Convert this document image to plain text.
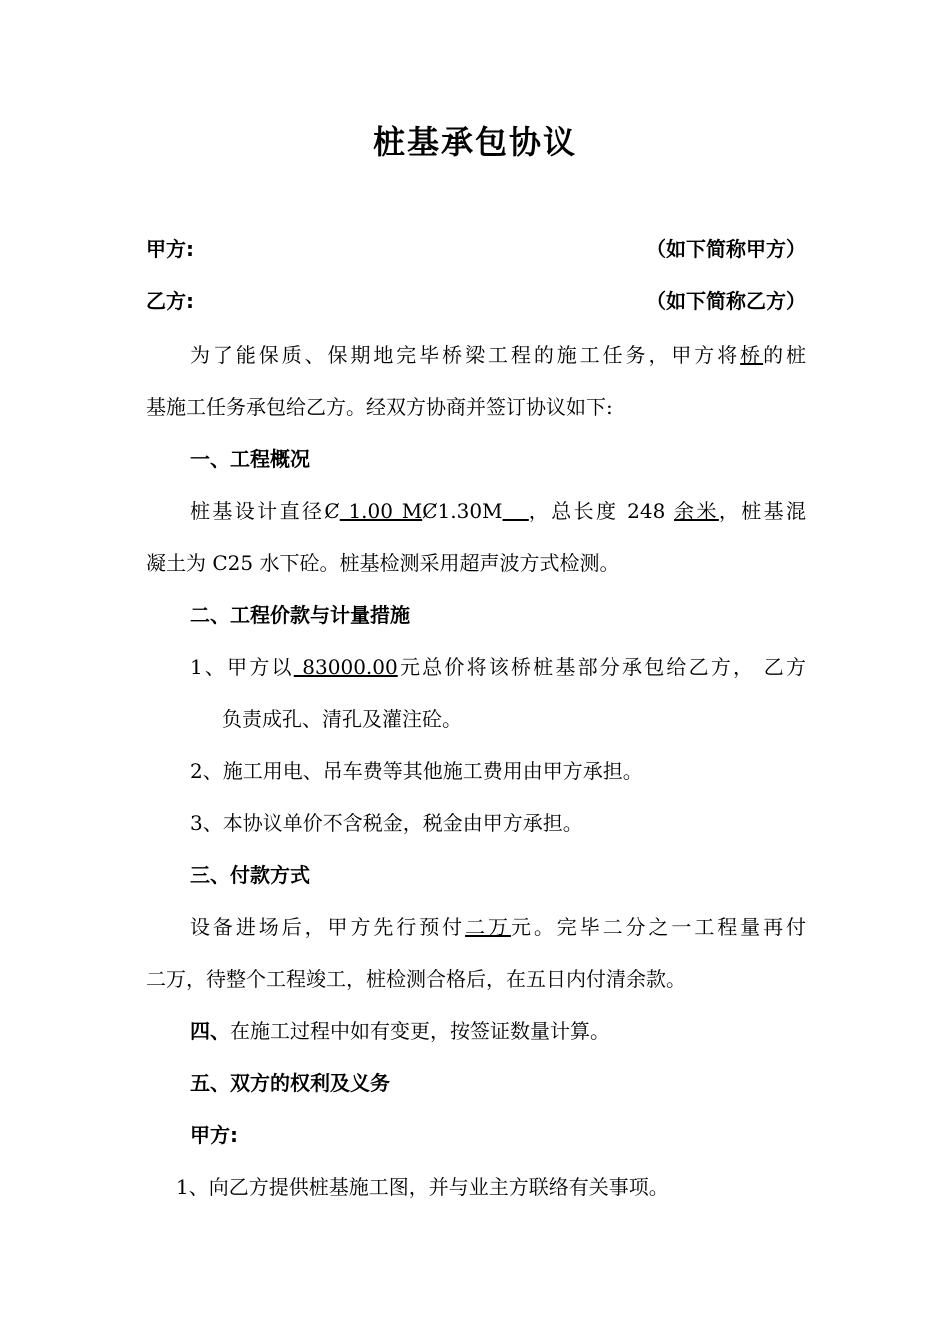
桩基承包协议
甲方:	（如下简称甲方）
乙方:	（如下简称乙方）
为了能保质、保期地完毕桥梁工程的施工任务，甲方将桥的桩
基施工任务承包给乙方。经双方协商并签订协议如下:
一、工程概况
桩基设计直径Ȼ 1.00 MȻ1.30M ，总长度 248 余米，桩基混
凝土为 C25 水下砼。桩基检测采用超声波方式检测。
二、工程价款与计量措施
1、甲方以 83000.00元总价将该桥桩基部分承包给乙方， 乙方
负责成孔、清孔及灌注砼。
2、施工用电、吊车费等其他施工费用由甲方承担。
3、本协议单价不含税金，税金由甲方承担。
三、付款方式
设备进场后，甲方先行预付二万元。完毕二分之一工程量再付
二万，待整个工程竣工，桩检测合格后，在五日内付清余款。
四、在施工过程中如有变更，按签证数量计算。
五、双方的权利及义务
甲方:
1、向乙方提供桩基施工图，并与业主方联络有关事项。
